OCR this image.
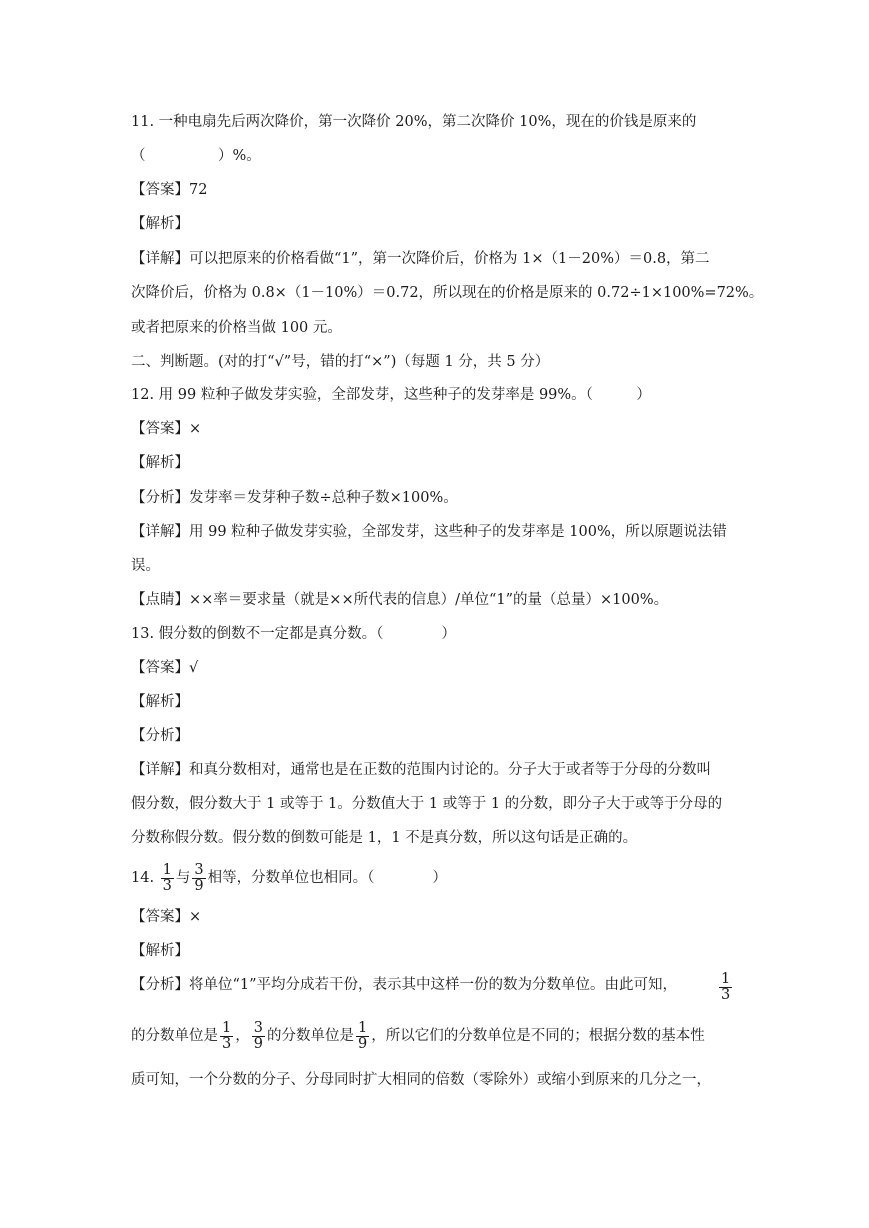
11. 一种电扇先后两次降价，第一次降价 20%，第二次降价 10%，现在的价钱是原来的
（　　　　　）%。
【答案】72
【解析】
【详解】可以把原来的价格看做“1”，第一次降价后，价格为 1×（1－20%）＝0.8，第二
次降价后，价格为 0.8×（1－10%）＝0.72，所以现在的价格是原来的 0.72÷1×100%=72%。
或者把原来的价格当做 100 元。
二、判断题。(对的打“√”号，错的打“×”)（每题 1 分，共 5 分）
12. 用 99 粒种子做发芽实验，全部发芽，这些种子的发芽率是 99%。（　　　）
【答案】×
【解析】
【分析】发芽率＝发芽种子数÷总种子数×100%。
【详解】用 99 粒种子做发芽实验，全部发芽，这些种子的发芽率是 100%，所以原题说法错
误。
【点睛】××率＝要求量（就是××所代表的信息）/单位“1”的量（总量）×100%。
13. 假分数的倒数不一定都是真分数。（　　　　）
【答案】√
【解析】
【分析】
【详解】和真分数相对，通常也是在正数的范围内讨论的。分子大于或者等于分母的分数叫
假分数，假分数大于 1 或等于 1。分数值大于 1 或等于 1 的分数，即分子大于或等于分母的
分数称假分数。假分数的倒数可能是 1，1 不是真分数，所以这句话是正确的。
14. $\frac{1}{3}$ 与 $\frac{3}{9}$ 相等，分数单位也相同。（　　　　）
【答案】×
【解析】
【分析】将单位“1”平均分成若干份，表示其中这样一份的数为分数单位。由此可知，	$\frac{1}{3}$
的分数单位是 $\frac{1}{3}$ ， $\frac{3}{9}$ 的分数单位是 $\frac{1}{9}$ ，所以它们的分数单位是不同的；根据分数的基本性
质可知，一个分数的分子、分母同时扩大相同的倍数（零除外）或缩小到原来的几分之一，
